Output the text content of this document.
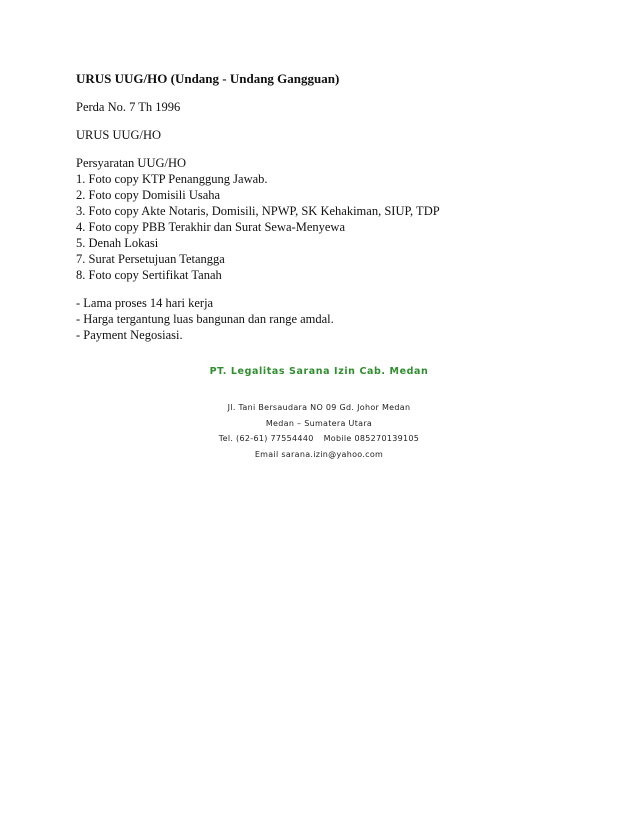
URUS UUG/HO (Undang - Undang Gangguan)
Perda No. 7 Th 1996
URUS UUG/HO
Persyaratan UUG/HO
1. Foto copy KTP Penanggung Jawab.
2. Foto copy Domisili Usaha
3. Foto copy Akte Notaris, Domisili, NPWP, SK Kehakiman, SIUP, TDP
4. Foto copy PBB Terakhir dan Surat Sewa-Menyewa
5. Denah Lokasi
7. Surat Persetujuan Tetangga
8. Foto copy Sertifikat Tanah
- Lama proses 14 hari kerja
- Harga tergantung luas bangunan dan range amdal.
- Payment Negosiasi.
PT. Legalitas Sarana Izin Cab. Medan
Jl. Tani Bersaudara NO 09 Gd. Johor Medan
Medan – Sumatera Utara
Tel. (62-61) 77554440 Mobile 085270139105
Email sarana.izin@yahoo.com
